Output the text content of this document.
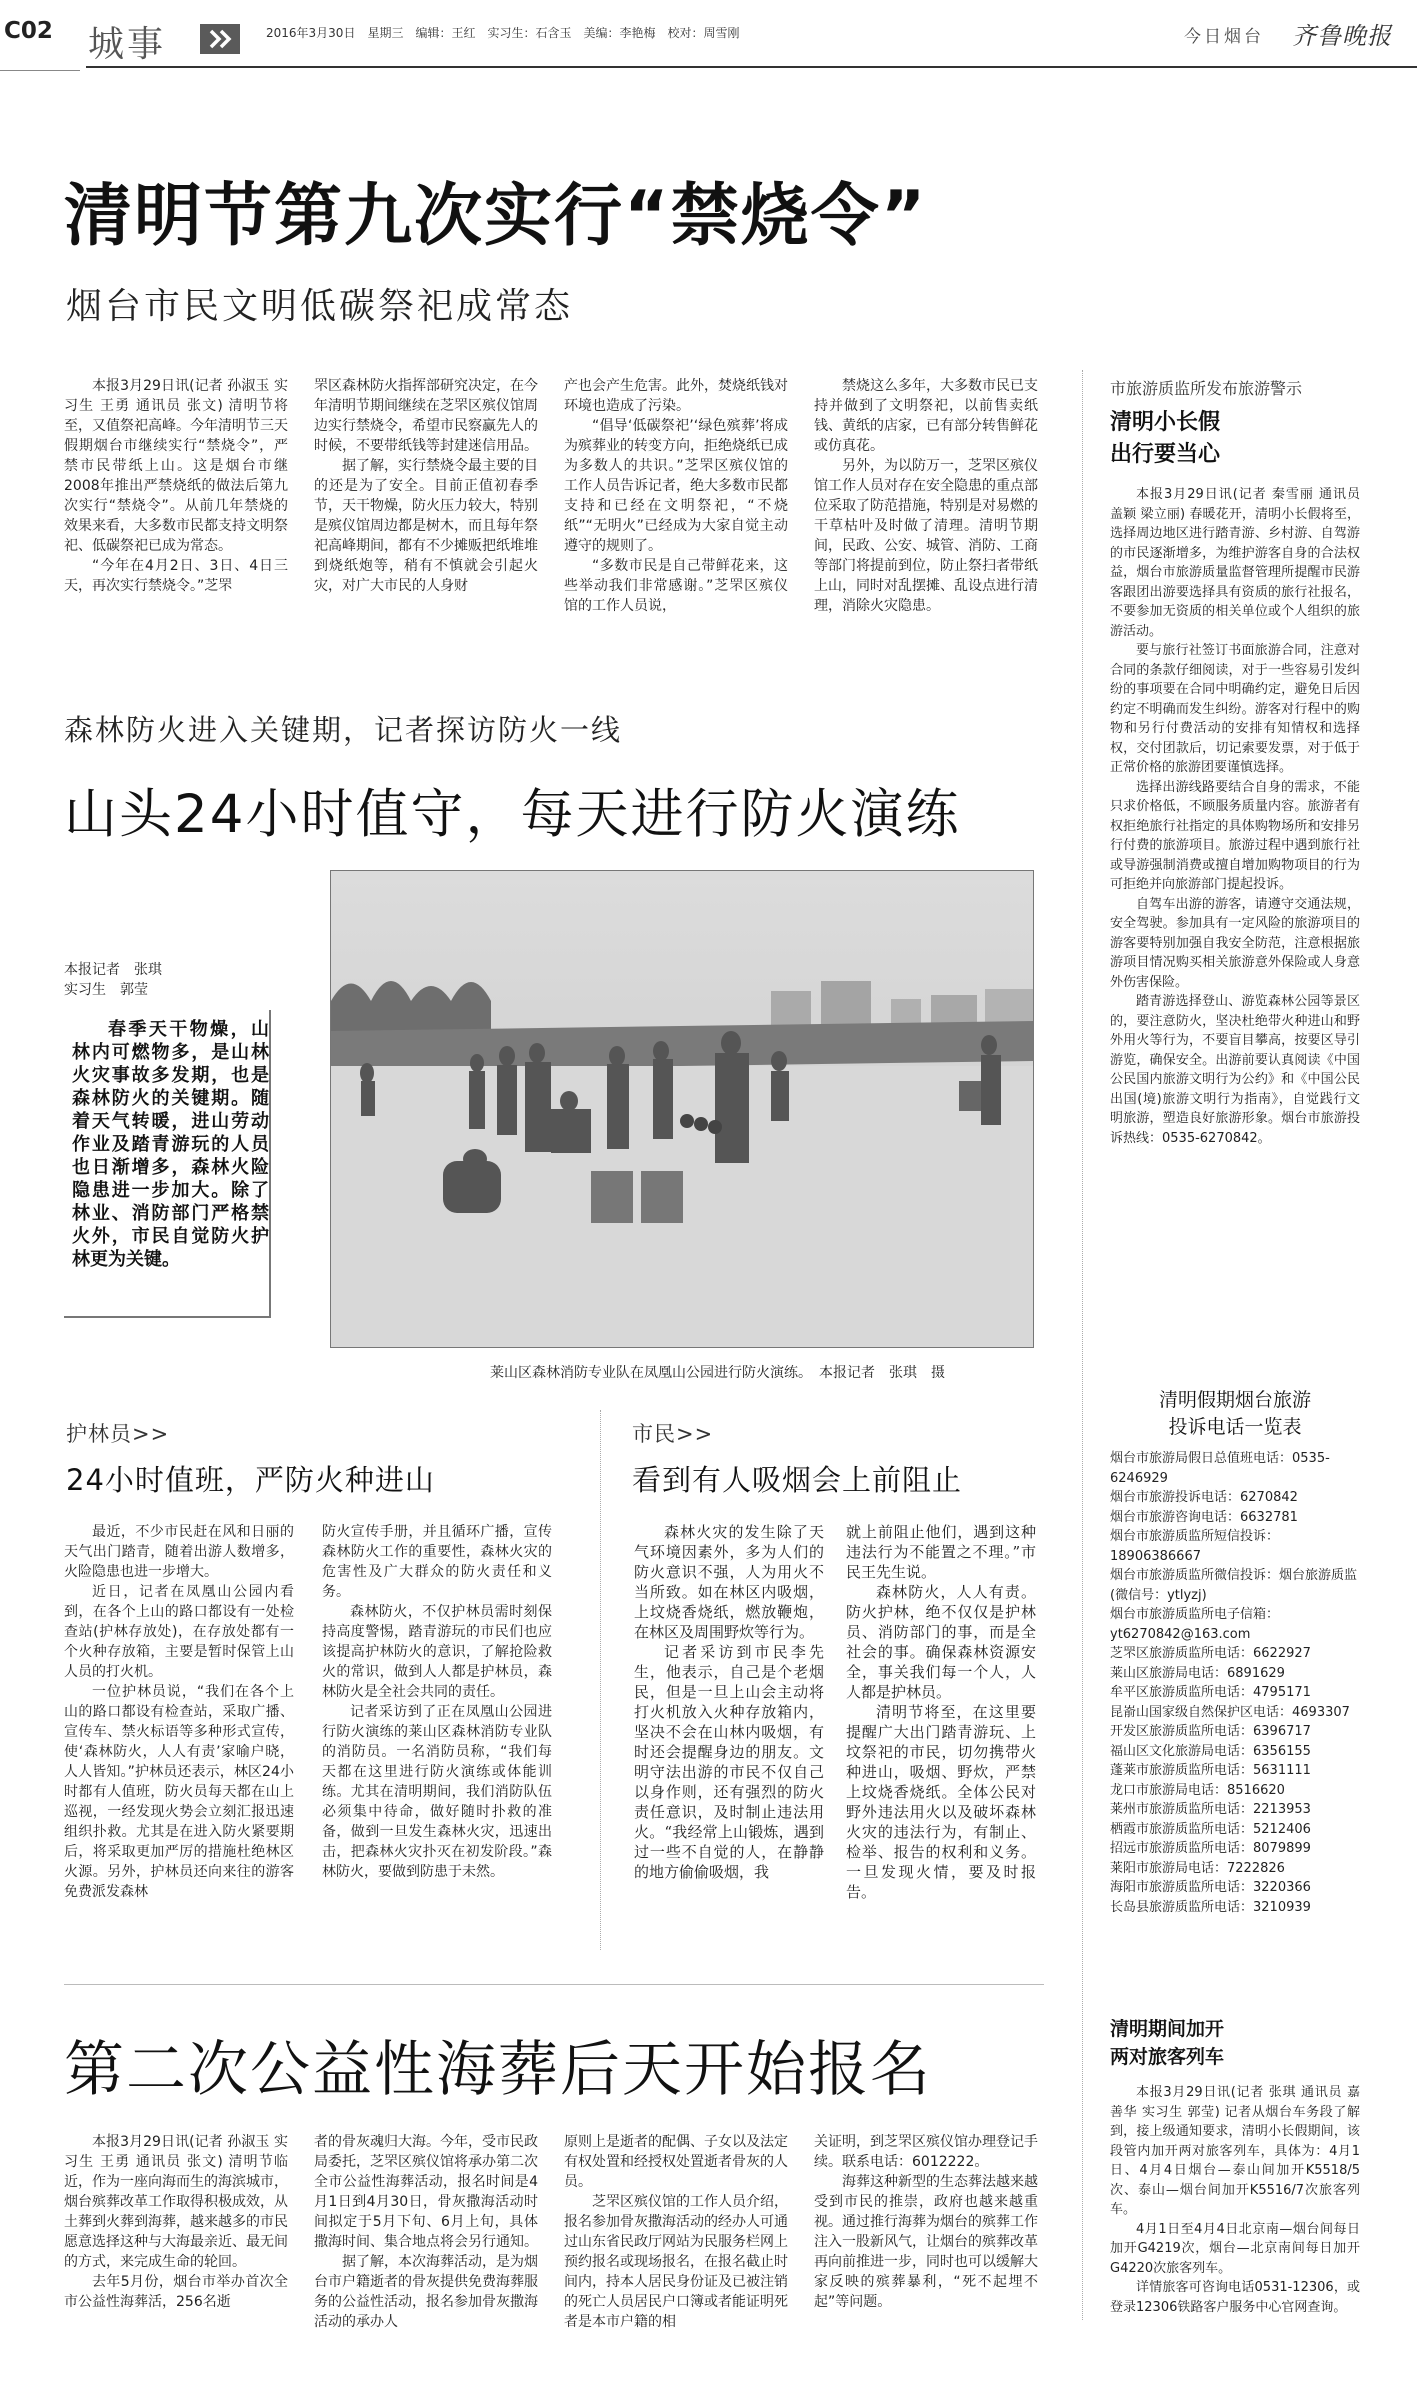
C02 城事	2016年3月30日　星期三　编辑：王红　实习生：石含玉　美编：李艳梅　校对：周雪刚	今日烟台 齐鲁晚报
清明节第九次实行“禁烧令”
烟台市民文明低碳祭祀成常态

本报3月29日讯(记者 孙淑玉 实习生 王勇 通讯员 张文) 清明节将至，又值祭祀高峰。今年清明节三天假期烟台市继续实行“禁烧令”，严禁市民带纸上山。这是烟台市继2008年推出严禁烧纸的做法后第九次实行“禁烧令”。从前几年禁烧的效果来看，大多数市民都支持文明祭祀、低碳祭祀已成为常态。

“今年在4月2日、3日、4日三天，再次实行禁烧令。”芝罘

罘区森林防火指挥部研究决定，在今年清明节期间继续在芝罘区殡仪馆周边实行禁烧令，希望市民察赢先人的时候，不要带纸钱等封建迷信用品。

据了解，实行禁烧令最主要的目的还是为了安全。目前正值初春季节，天干物燥，防火压力较大，特别是殡仪馆周边都是树木，而且每年祭祀高峰期间，都有不少摊贩把纸堆堆到烧纸炮等，稍有不慎就会引起火灾，对广大市民的人身财

产也会产生危害。此外，焚烧纸钱对环境也造成了污染。

“倡导‘低碳祭祀’‘绿色殡葬’将成为殡葬业的转变方向，拒绝烧纸已成为多数人的共识。”芝罘区殡仪馆的工作人员告诉记者，绝大多数市民都支持和已经在文明祭祀，“不烧纸”“无明火”已经成为大家自觉主动遵守的规则了。

“多数市民是自己带鲜花来，这些举动我们非常感谢。”芝罘区殡仪馆的工作人员说，

禁烧这么多年，大多数市民已支持并做到了文明祭祀，以前售卖纸钱、黄纸的店家，已有部分转售鲜花或仿真花。

另外，为以防万一，芝罘区殡仪馆工作人员对存在安全隐患的重点部位采取了防范措施，特别是对易燃的干草枯叶及时做了清理。清明节期间，民政、公安、城管、消防、工商等部门将提前到位，防止祭扫者带纸上山，同时对乱摆摊、乱设点进行清理，消除火灾隐患。

森林防火进入关键期，记者探访防火一线
山头24小时值守，每天进行防火演练
本报记者　张琪
实习生　郭莹
春季天干物燥，山林内可燃物多，是山林火灾事故多发期，也是森林防火的关键期。随着天气转暖，进山劳动作业及踏青游玩的人员也日渐增多，森林火险隐患进一步加大。除了林业、消防部门严格禁火外，市民自觉防火护林更为关键。
莱山区森林消防专业队在凤凰山公园进行防火演练。　本报记者　张琪　摄
护林员>>
24小时值班，严防火种进山

最近，不少市民赶在风和日丽的天气出门踏青，随着出游人数增多，火险隐患也进一步增大。

近日，记者在凤凰山公园内看到，在各个上山的路口都设有一处检查站(护林存放处)，在存放处都有一个火种存放箱，主要是暂时保管上山人员的打火机。

一位护林员说，“我们在各个上山的路口都设有检查站，采取广播、宣传车、禁火标语等多种形式宣传，使‘森林防火，人人有责’家喻户晓，人人皆知。”护林员还表示，林区24小时都有人值班，防火员每天都在山上巡视，一经发现火势会立刻汇报迅速组织扑救。尤其是在进入防火紧要期后，将采取更加严厉的措施杜绝林区火源。另外，护林员还向来往的游客免费派发森林

防火宣传手册，并且循环广播，宣传森林防火工作的重要性，森林火灾的危害性及广大群众的防火责任和义务。

森林防火，不仅护林员需时刻保持高度警惕，踏青游玩的市民们也应该提高护林防火的意识，了解抢险救火的常识，做到人人都是护林员，森林防火是全社会共同的责任。

记者采访到了正在凤凰山公园进行防火演练的莱山区森林消防专业队的消防员。一名消防员称，“我们每天都在这里进行防火演练或体能训练。尤其在清明期间，我们消防队伍必须集中待命，做好随时扑救的准备，做到一旦发生森林火灾，迅速出击，把森林火灾扑灭在初发阶段。”森林防火，要做到防患于未然。

市民>>
看到有人吸烟会上前阻止

森林火灾的发生除了天气环境因素外，多为人们的防火意识不强，人为用火不当所致。如在林区内吸烟，上坟烧香烧纸，燃放鞭炮，在林区及周围野炊等行为。

记者采访到市民李先生，他表示，自己是个老烟民，但是一旦上山会主动将打火机放入火种存放箱内，坚决不会在山林内吸烟，有时还会提醒身边的朋友。文明守法出游的市民不仅自己以身作则，还有强烈的防火责任意识，及时制止违法用火。“我经常上山锻炼，遇到过一些不自觉的人，在静静的地方偷偷吸烟，我

就上前阻止他们，遇到这种违法行为不能置之不理。”市民王先生说。

森林防火，人人有责。防火护林，绝不仅仅是护林员、消防部门的事，而是全社会的事。确保森林资源安全，事关我们每一个人，人人都是护林员。

清明节将至，在这里要提醒广大出门踏青游玩、上坟祭祀的市民，切勿携带火种进山，吸烟、野炊，严禁上坟烧香烧纸。全体公民对野外违法用火以及破坏森林火灾的违法行为，有制止、检举、报告的权利和义务。一旦发现火情，要及时报告。

第二次公益性海葬后天开始报名

本报3月29日讯(记者 孙淑玉 实习生 王勇 通讯员 张文) 清明节临近，作为一座向海而生的海滨城市，烟台殡葬改革工作取得积极成效，从土葬到火葬到海葬，越来越多的市民愿意选择这种与大海最亲近、最无间的方式，来完成生命的轮回。

去年5月份，烟台市举办首次全市公益性海葬活，256名逝

者的骨灰魂归大海。今年，受市民政局委托，芝罘区殡仪馆将承办第二次全市公益性海葬活动，报名时间是4月1日到4月30日，骨灰撒海活动时间拟定于5月下旬、6月上旬，具体撒海时间、集合地点将会另行通知。

据了解，本次海葬活动，是为烟台市户籍逝者的骨灰提供免费海葬服务的公益性活动，报名参加骨灰撒海活动的承办人

原则上是逝者的配偶、子女以及法定有权处置和经授权处置逝者骨灰的人员。

芝罘区殡仪馆的工作人员介绍，报名参加骨灰撒海活动的经办人可通过山东省民政厅网站为民服务栏网上预约报名或现场报名，在报名截止时间内，持本人居民身份证及已被注销的死亡人员居民户口簿或者能证明死者是本市户籍的相

关证明，到芝罘区殡仪馆办理登记手续。联系电话：6012222。

海葬这种新型的生态葬法越来越受到市民的推崇，政府也越来越重视。通过推行海葬为烟台的殡葬工作注入一股新风气，让烟台的殡葬改革再向前推进一步，同时也可以缓解大家反映的殡葬暴利，“死不起埋不起”等问题。

市旅游质监所发布旅游警示
清明小长假
出行要当心

本报3月29日讯(记者 秦雪丽 通讯员 盖颖 梁立丽) 春暖花开，清明小长假将至，选择周边地区进行踏青游、乡村游、自驾游的市民逐渐增多，为维护游客自身的合法权益，烟台市旅游质量监督管理所提醒市民游客跟团出游要选择具有资质的旅行社报名，不要参加无资质的相关单位或个人组织的旅游活动。

要与旅行社签订书面旅游合同，注意对合同的条款仔细阅读，对于一些容易引发纠纷的事项要在合同中明确约定，避免日后因约定不明确而发生纠纷。游客对行程中的购物和另行付费活动的安排有知情权和选择权，交付团款后，切记索要发票，对于低于正常价格的旅游团要谨慎选择。

选择出游线路要结合自身的需求，不能只求价格低，不顾服务质量内容。旅游者有权拒绝旅行社指定的具体购物场所和安排另行付费的旅游项目。旅游过程中遇到旅行社或导游强制消费或擅自增加购物项目的行为可拒绝并向旅游部门提起投诉。

自驾车出游的游客，请遵守交通法规，安全驾驶。参加具有一定风险的旅游项目的游客要特别加强自我安全防范，注意根据旅游项目情况购买相关旅游意外保险或人身意外伤害保险。

踏青游选择登山、游览森林公园等景区的，要注意防火，坚决杜绝带火种进山和野外用火等行为，不要盲目攀高，按要区导引游览，确保安全。出游前要认真阅读《中国公民国内旅游文明行为公约》和《中国公民出国(境)旅游文明行为指南》，自觉践行文明旅游，塑造良好旅游形象。烟台市旅游投诉热线：0535-6270842。

清明假期烟台旅游
投诉电话一览表
烟台市旅游局假日总值班电话：0535-6246929
烟台市旅游投诉电话：6270842
烟台市旅游咨询电话：6632781
烟台市旅游质监所短信投诉：18906386667
烟台市旅游质监所微信投诉：烟台旅游质监(微信号：ytlyzj)
烟台市旅游质监所电子信箱：yt6270842@163.com
芝罘区旅游质监所电话：6622927
莱山区旅游局电话：6891629
牟平区旅游质监所电话：4795171
昆嵛山国家级自然保护区电话：4693307
开发区旅游质监所电话：6396717
福山区文化旅游局电话：6356155
蓬莱市旅游质监所电话：5631111
龙口市旅游局电话：8516620
莱州市旅游质监所电话：2213953
栖霞市旅游质监所电话：5212406
招远市旅游质监所电话：8079899
莱阳市旅游局电话：7222826
海阳市旅游质监所电话：3220366
长岛县旅游质监所电话：3210939
清明期间加开
两对旅客列车

本报3月29日讯(记者 张琪 通讯员 嘉善华 实习生 郭莹) 记者从烟台车务段了解到，接上级通知要求，清明小长假期间，该段管内加开两对旅客列车，具体为：4月1日、4月4日烟台—泰山间加开K5518/5次、泰山—烟台间加开K5516/7次旅客列车。

4月1日至4月4日北京南—烟台间每日加开G4219次，烟台—北京南间每日加开G4220次旅客列车。

详情旅客可咨询电话0531-12306，或登录12306铁路客户服务中心官网查询。
